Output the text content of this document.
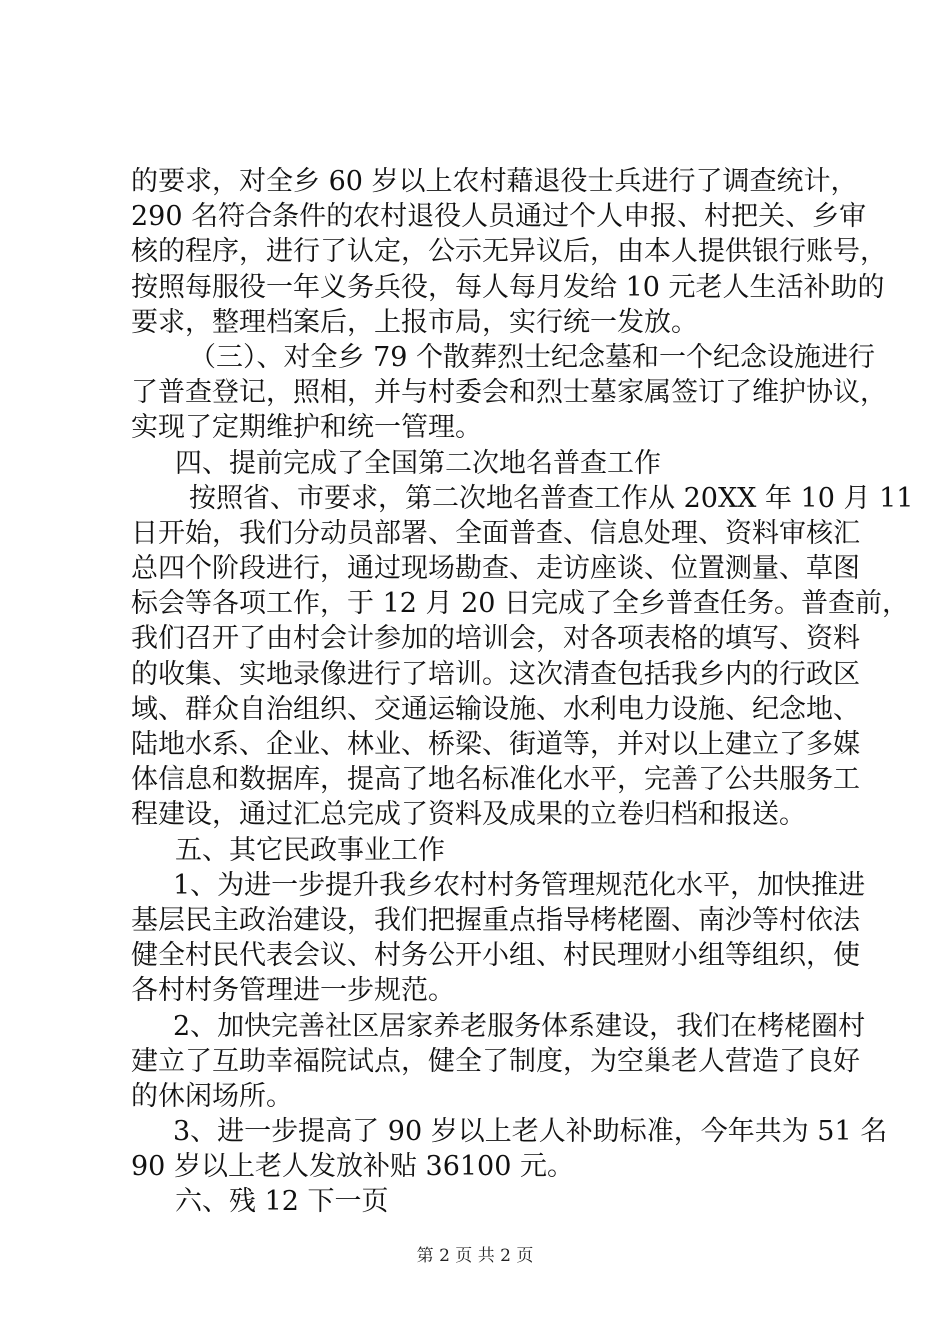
的要求，对全乡 60 岁以上农村藉退役士兵进行了调查统计，
290 名符合条件的农村退役人员通过个人申报、村把关、乡审
核的程序，进行了认定，公示无异议后，由本人提供银行账号，
按照每服役一年义务兵役，每人每月发给 10 元老人生活补助的
要求，整理档案后，上报市局，实行统一发放。
（三）、对全乡 79 个散葬烈士纪念墓和一个纪念设施进行
了普查登记，照相，并与村委会和烈士墓家属签订了维护协议，
实现了定期维护和统一管理。
四、提前完成了全国第二次地名普查工作
按照省、市要求，第二次地名普查工作从 20XX 年 10 月 11
日开始，我们分动员部署、全面普查、信息处理、资料审核汇
总四个阶段进行，通过现场勘查、走访座谈、位置测量、草图
标会等各项工作，于 12 月 20 日完成了全乡普查任务。普查前，
我们召开了由村会计参加的培训会，对各项表格的填写、资料
的收集、实地录像进行了培训。这次清查包括我乡内的行政区
域、群众自治组织、交通运输设施、水利电力设施、纪念地、
陆地水系、企业、林业、桥梁、街道等，并对以上建立了多媒
体信息和数据库，提高了地名标准化水平，完善了公共服务工
程建设，通过汇总完成了资料及成果的立卷归档和报送。
五、其它民政事业工作
1、为进一步提升我乡农村村务管理规范化水平，加快推进
基层民主政治建设，我们把握重点指导栲栳圈、南沙等村依法
健全村民代表会议、村务公开小组、村民理财小组等组织，使
各村村务管理进一步规范。
2、加快完善社区居家养老服务体系建设，我们在栲栳圈村
建立了互助幸福院试点，健全了制度，为空巢老人营造了良好
的休闲场所。
3、进一步提高了 90 岁以上老人补助标准，今年共为 51 名
90 岁以上老人发放补贴 36100 元。
六、残 12 下一页
第 2 页 共 2 页
